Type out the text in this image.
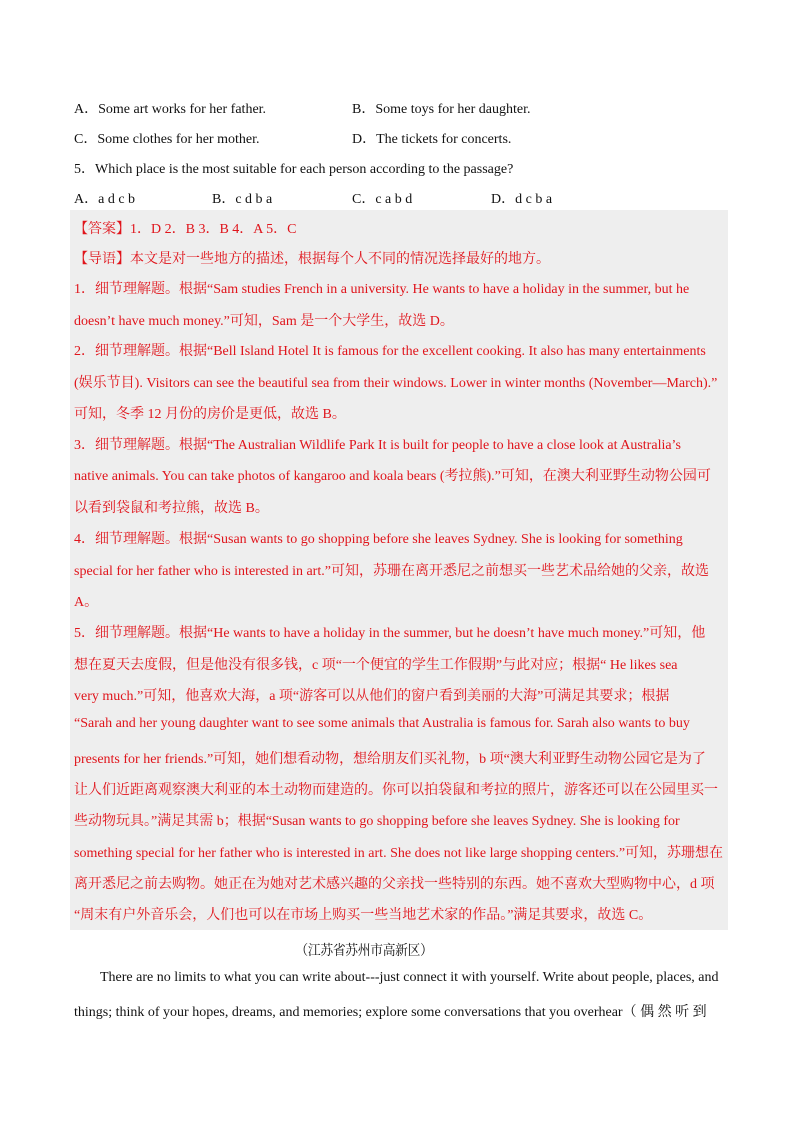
A．Some art works for her father.	B．Some toys for her daughter.
C．Some clothes for her mother.	D．The tickets for concerts.
5．Which place is the most suitable for each person according to the passage?
A．a d c b	B．c d b a	C．c a b d	D．d c b a
【答案】1．D 2．B 3．B 4．A 5．C
【导语】本文是对一些地方的描述，根据每个人不同的情况选择最好的地方。
1．细节理解题。根据“Sam studies French in a university. He wants to have a holiday in the summer, but he
doesn’t have much money.”可知，Sam 是一个大学生，故选 D。
2．细节理解题。根据“Bell Island Hotel It is famous for the excellent cooking. It also has many entertainments
(娱乐节目). Visitors can see the beautiful sea from their windows. Lower in winter months (November—March).”
可知，冬季 12 月份的房价是更低，故选 B。
3．细节理解题。根据“The Australian Wildlife Park It is built for people to have a close look at Australia’s
native animals. You can take photos of kangaroo and koala bears (考拉熊).”可知，在澳大利亚野生动物公园可
以看到袋鼠和考拉熊，故选 B。
4．细节理解题。根据“Susan wants to go shopping before she leaves Sydney. She is looking for something
special for her father who is interested in art.”可知，苏珊在离开悉尼之前想买一些艺术品给她的父亲，故选
A。
5．细节理解题。根据“He wants to have a holiday in the summer, but he doesn’t have much money.”可知，他
想在夏天去度假，但是他没有很多钱，c 项“一个便宜的学生工作假期”与此对应；根据“ He likes sea
very much.”可知，他喜欢大海，a 项“游客可以从他们的窗户看到美丽的大海”可满足其要求；根据
“Sarah and her young daughter want to see some animals that Australia is famous for. Sarah also wants to buy
presents for her friends.”可知，她们想看动物，想给朋友们买礼物，b 项“澳大利亚野生动物公园它是为了
让人们近距离观察澳大利亚的本土动物而建造的。你可以拍袋鼠和考拉的照片，游客还可以在公园里买一
些动物玩具。”满足其需 b；根据“Susan wants to go shopping before she leaves Sydney. She is looking for
something special for her father who is interested in art. She does not like large shopping centers.”可知，苏珊想在
离开悉尼之前去购物。她正在为她对艺术感兴趣的父亲找一些特别的东西。她不喜欢大型购物中心，d 项
“周末有户外音乐会，人们也可以在市场上购买一些当地艺术家的作品。”满足其要求，故选 C。
（江苏省苏州市高新区）
There are no limits to what you can write about---just connect it with yourself. Write about people, places, and
things; think of your hopes, dreams, and memories; explore some conversations that you overhear（ 偶 然 听 到
